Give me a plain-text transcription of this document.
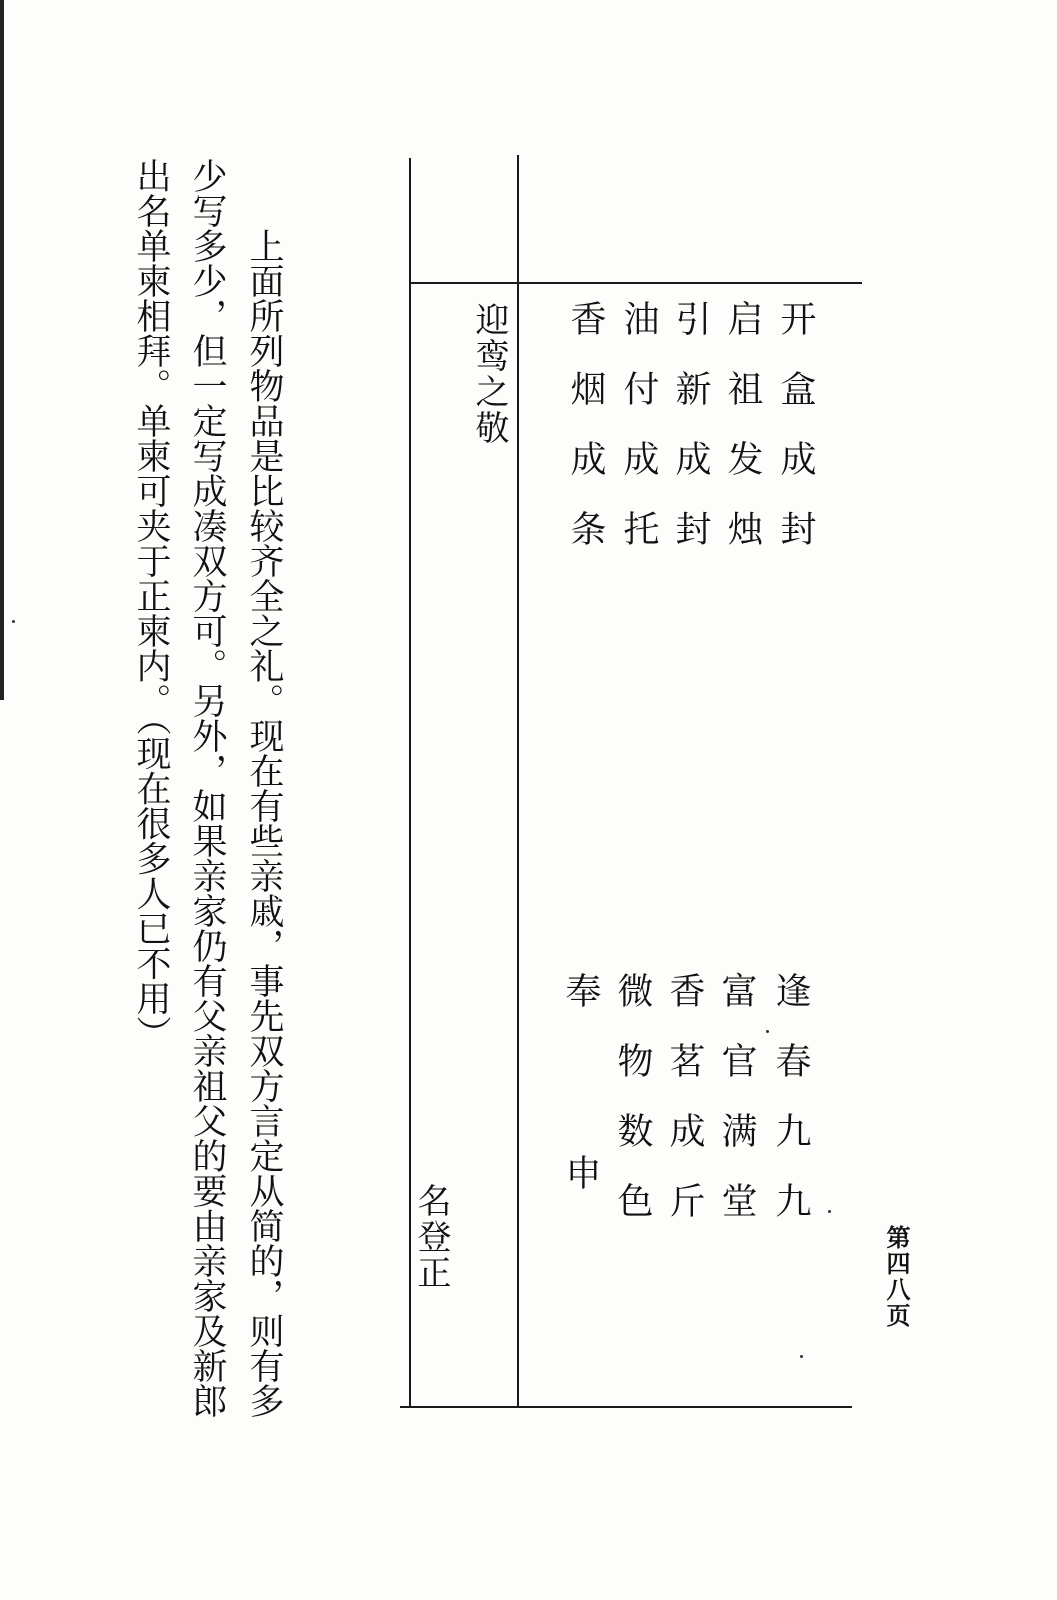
开盒成封
启祖发烛
引新成封
油付成托
香烟成条
迎鸾之敬
逢春九九
富官满堂
香茗成斤
微物数色
奉申
名登正	第四八页
上面所列物品是比较齐全之礼。现在有些亲戚，事先双方言定从简的，则有多
少写多少，但一定写成凑双方可。另外，如果亲家仍有父亲祖父的要由亲家及新郎
出名单柬相拜。单柬可夹于正柬内。（现在很多人已不用）
